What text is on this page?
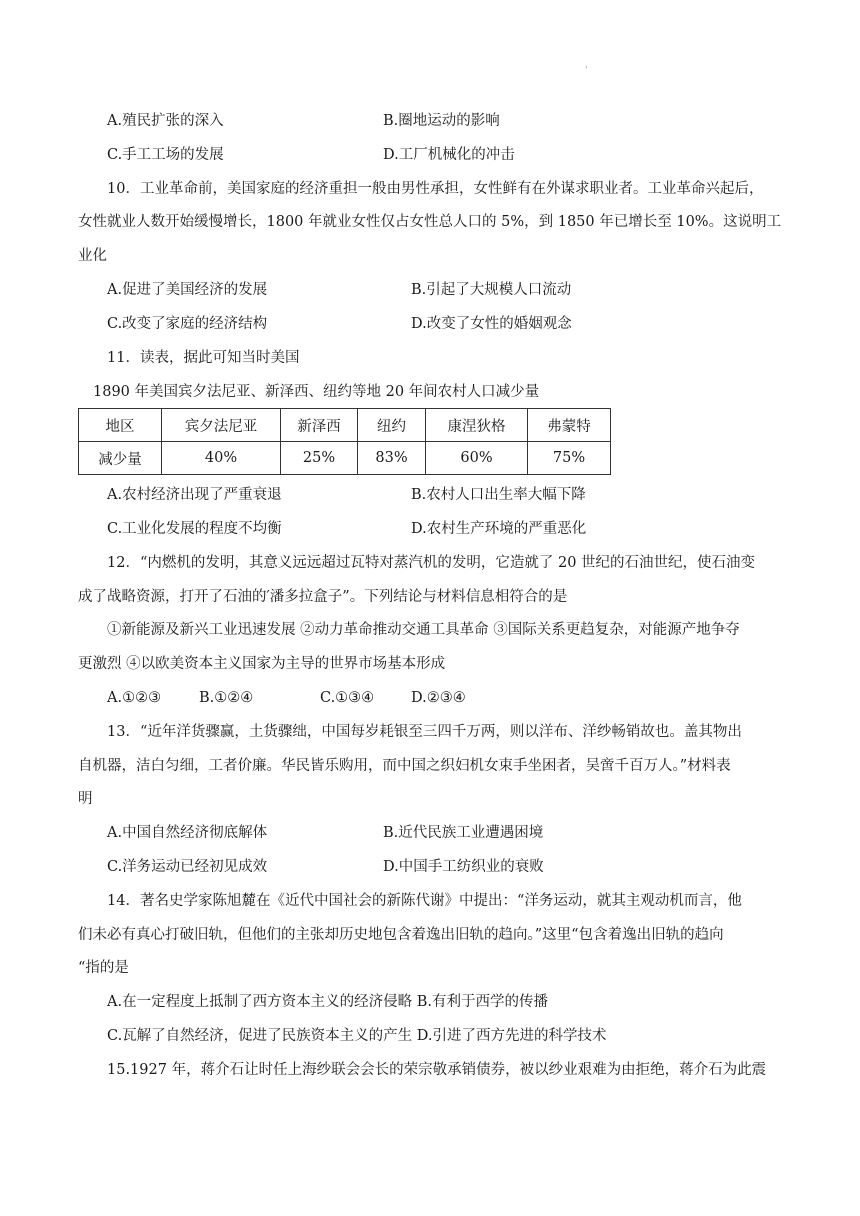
'
A.殖民扩张的深入	B.圈地运动的影响
C.手工工场的发展	D.工厂机械化的冲击
10．工业革命前，美国家庭的经济重担一般由男性承担，女性鲜有在外谋求职业者。工业革命兴起后，
女性就业人数开始缓慢增长，1800 年就业女性仅占女性总人口的 5%，到 1850 年已增长至 10%。这说明工
业化
A.促进了美国经济的发展	B.引起了大规模人口流动
C.改变了家庭的经济结构	D.改变了女性的婚姻观念
11．读表，据此可知当时美国
1890 年美国宾夕法尼亚、新泽西、纽约等地 20 年间农村人口减少量
地区	宾夕法尼亚	新泽西	纽约	康涅狄格	弗蒙特
减少量	40%	25%	83%	60%	75%
A.农村经济出现了严重衰退	B.农村人口出生率大幅下降
C.工业化发展的程度不均衡	D.农村生产环境的严重恶化
12．“内燃机的发明，其意义远远超过瓦特对蒸汽机的发明，它造就了 20 世纪的石油世纪，使石油变
成了战略资源，打开了石油的′潘多拉盒子”。下列结论与材料信息相符合的是
①新能源及新兴工业迅速发展 ②动力革命推动交通工具革命 ③国际关系更趋复杂，对能源产地争夺
更激烈 ④以欧美资本主义国家为主导的世界市场基本形成
A.①②③	B.①②④	C.①③④	D.②③④
13．“近年洋货骤赢，土货骤绌，中国每岁耗银至三四千万两，则以洋布、洋纱畅销故也。盖其物出
自机器，洁白匀细，工者价廉。华民皆乐购用，而中国之织妇机女束手坐困者，吴啻千百万人。”材料表
明
A.中国自然经济彻底解体	B.近代民族工业遭遇困境
C.洋务运动已经初见成效	D.中国手工纺织业的衰败
14．著名史学家陈旭麓在《近代中国社会的新陈代谢》中提出：“洋务运动，就其主观动机而言，他
们未必有真心打破旧轨，但他们的主张却历史地包含着逸出旧轨的趋向。”这里“包含着逸出旧轨的趋向
“指的是
A.在一定程度上抵制了西方资本主义的经济侵略 B.有利于西学的传播
C.瓦解了自然经济，促进了民族资本主义的产生 D.引进了西方先进的科学技术
15.1927 年，蒋介石让时任上海纱联会会长的荣宗敬承销债券，被以纱业艰难为由拒绝，蒋介石为此震
